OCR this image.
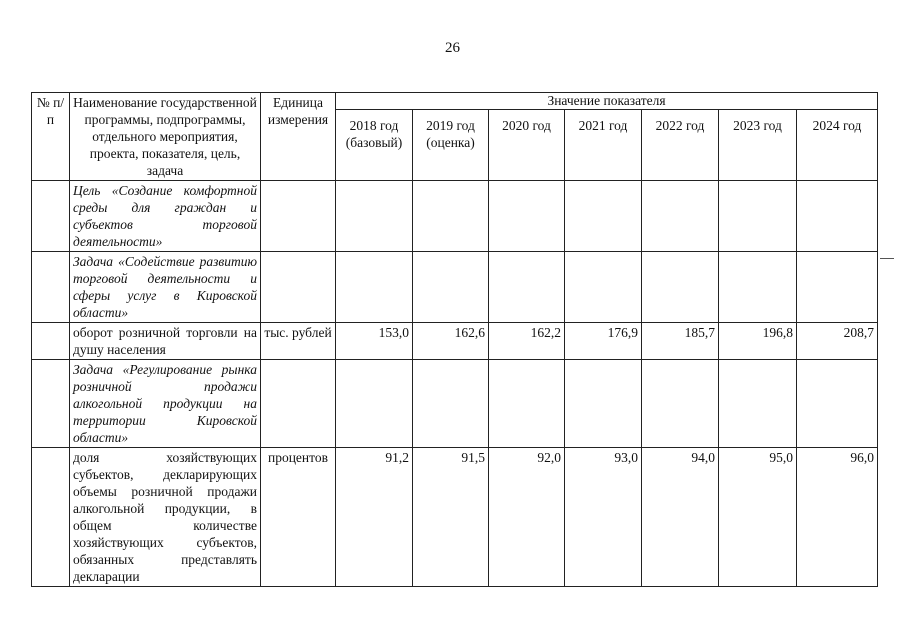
26
№ п/п	Наименование государственной программы, подпрограммы, отдельного мероприятия, проекта, показателя, цель, задача	Единица измерения	Значение показателя						
			2018 год (базовый)	2019 год (оценка)	2020 год	2021 год	2022 год	2023 год	2024 год
	Цель «Создание комфортной среды для граждан и субъектов торговой деятельности»								
	Задача «Содействие развитию торговой деятельности и сферы услуг в Кировской области»								
	оборот розничной торговли на душу населения	тыс. рублей	153,0	162,6	162,2	176,9	185,7	196,8	208,7
	Задача «Регулирование рынка розничной продажи алкогольной продукции на территории Кировской области»								
	доля хозяйствующих субъектов, декларирующих объемы розничной продажи алкогольной продукции, в общем количестве хозяйствующих субъектов, обязанных представлять декларации	процентов	91,2	91,5	92,0	93,0	94,0	95,0	96,0
